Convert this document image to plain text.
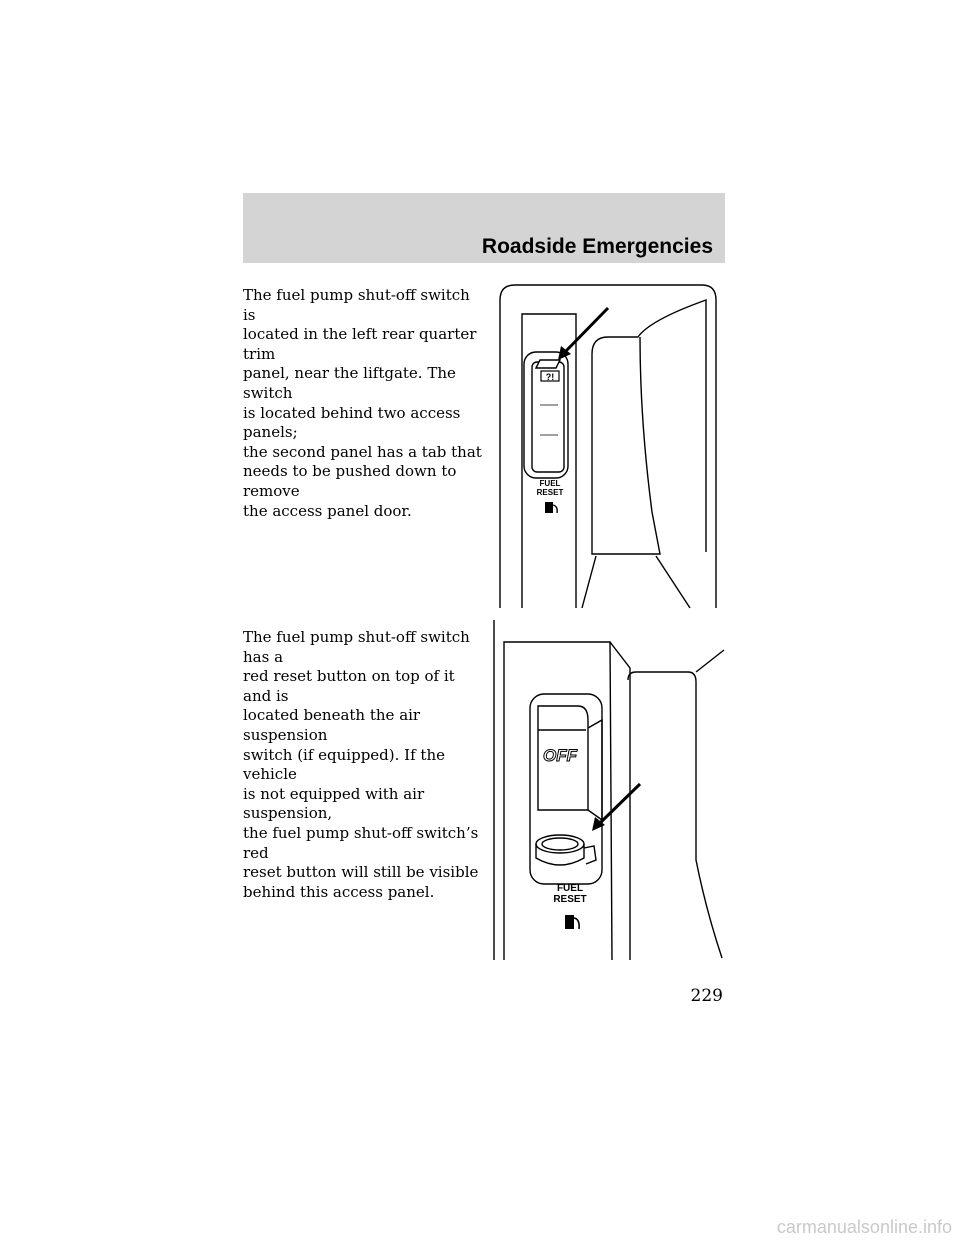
Roadside Emergencies

The fuel pump shut-off switch is
located in the left rear quarter trim
panel, near the liftgate. The switch
is located behind two access panels;
the second panel has a tab that
needs to be pushed down to remove
the access panel door.

?!
FUEL
RESET

The fuel pump shut-off switch has a
red reset button on top of it and is
located beneath the air suspension
switch (if equipped). If the vehicle
is not equipped with air suspension,
the fuel pump shut-off switch’s red
reset button will still be visible
behind this access panel.

OFF
FUEL
RESET
229
carmanualsonline.info
